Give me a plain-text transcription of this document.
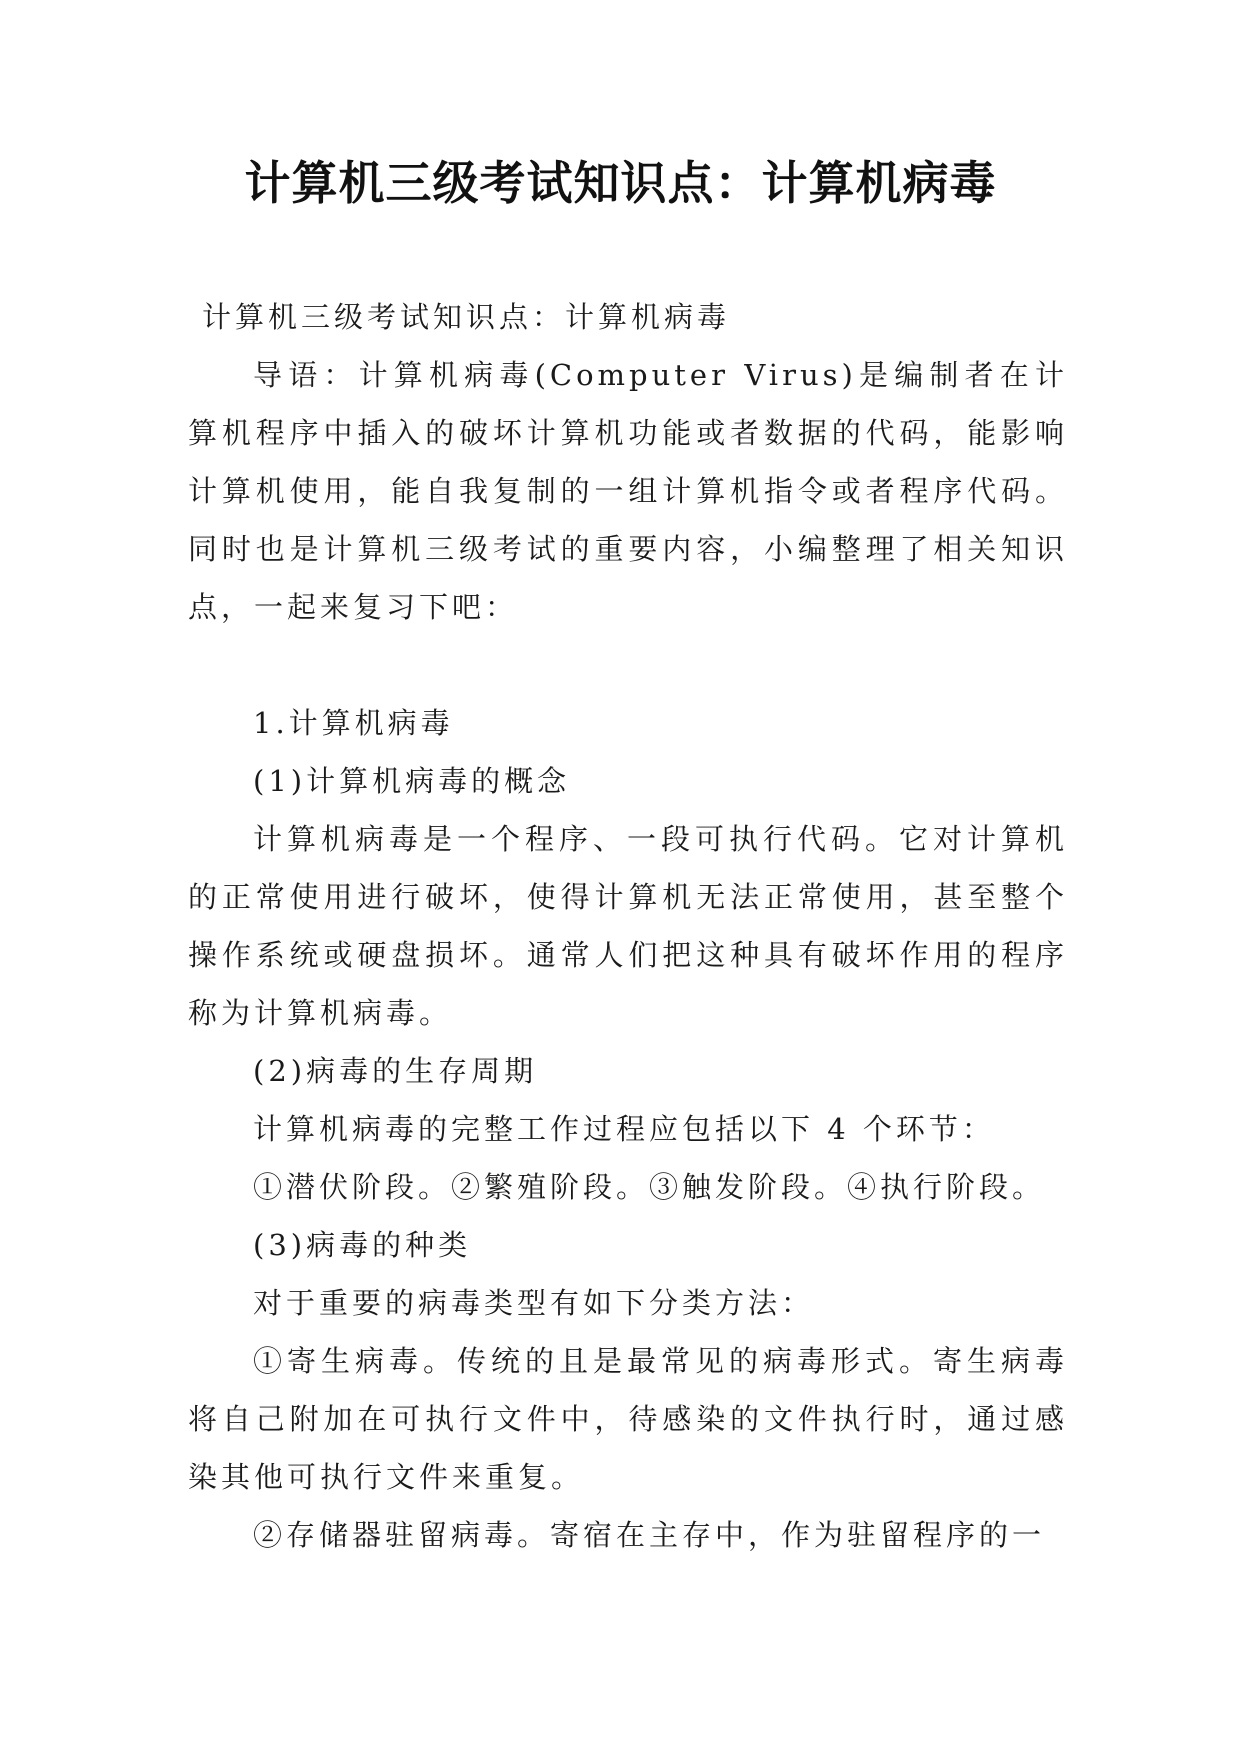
计算机三级考试知识点：计算机病毒

计算机三级考试知识点：计算机病毒

导语：计算机病毒(Computer Virus)是编制者在计算机程序中插入的破坏计算机功能或者数据的代码，能影响计算机使用，能自我复制的一组计算机指令或者程序代码。同时也是计算机三级考试的重要内容，小编整理了相关知识点，一起来复习下吧：

1.计算机病毒

(1)计算机病毒的概念

计算机病毒是一个程序、一段可执行代码。它对计算机的正常使用进行破坏，使得计算机无法正常使用，甚至整个操作系统或硬盘损坏。通常人们把这种具有破坏作用的程序称为计算机病毒。

(2)病毒的生存周期

计算机病毒的完整工作过程应包括以下 4 个环节：

①潜伏阶段。②繁殖阶段。③触发阶段。④执行阶段。

(3)病毒的种类

对于重要的病毒类型有如下分类方法：

①寄生病毒。传统的且是最常见的病毒形式。寄生病毒将自己附加在可执行文件中，待感染的文件执行时，通过感染其他可执行文件来重复。

②存储器驻留病毒。寄宿在主存中，作为驻留程序的一
